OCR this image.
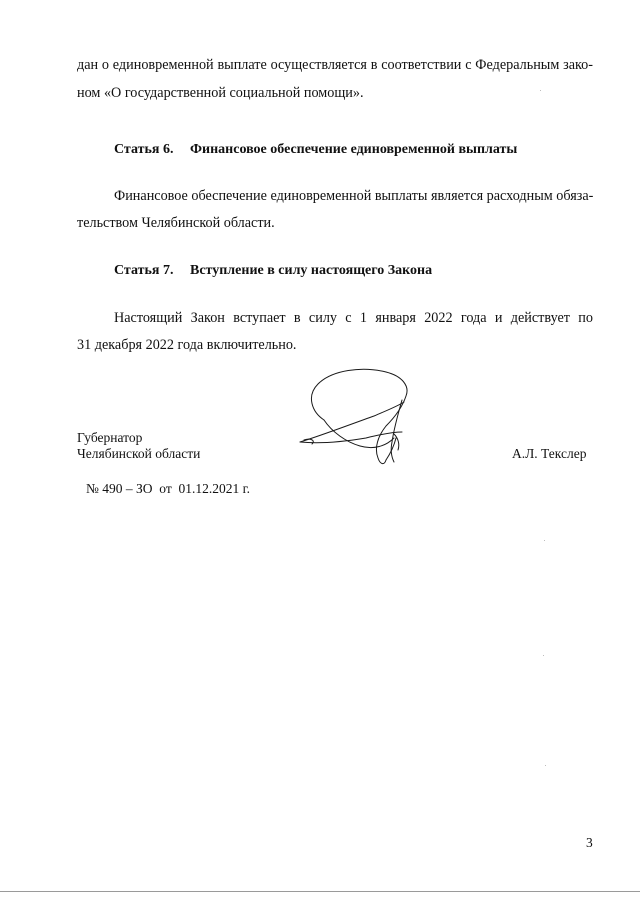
дан о единовременной выплате осуществляется в соответствии с Федеральным зако-
ном «О государственной социальной помощи».
Статья 6. Финансовое обеспечение единовременной выплаты
Финансовое обеспечение единовременной выплаты является расходным обяза-
тельством Челябинской области.
Статья 7. Вступление в силу настоящего Закона
Настоящий Закон вступает в силу с 1 января 2022 года и действует по
31 декабря 2022 года включительно.
Губернатор
Челябинской области	А.Л. Текслер
№ 490 – ЗО  от  01.12.2021 г.
3
